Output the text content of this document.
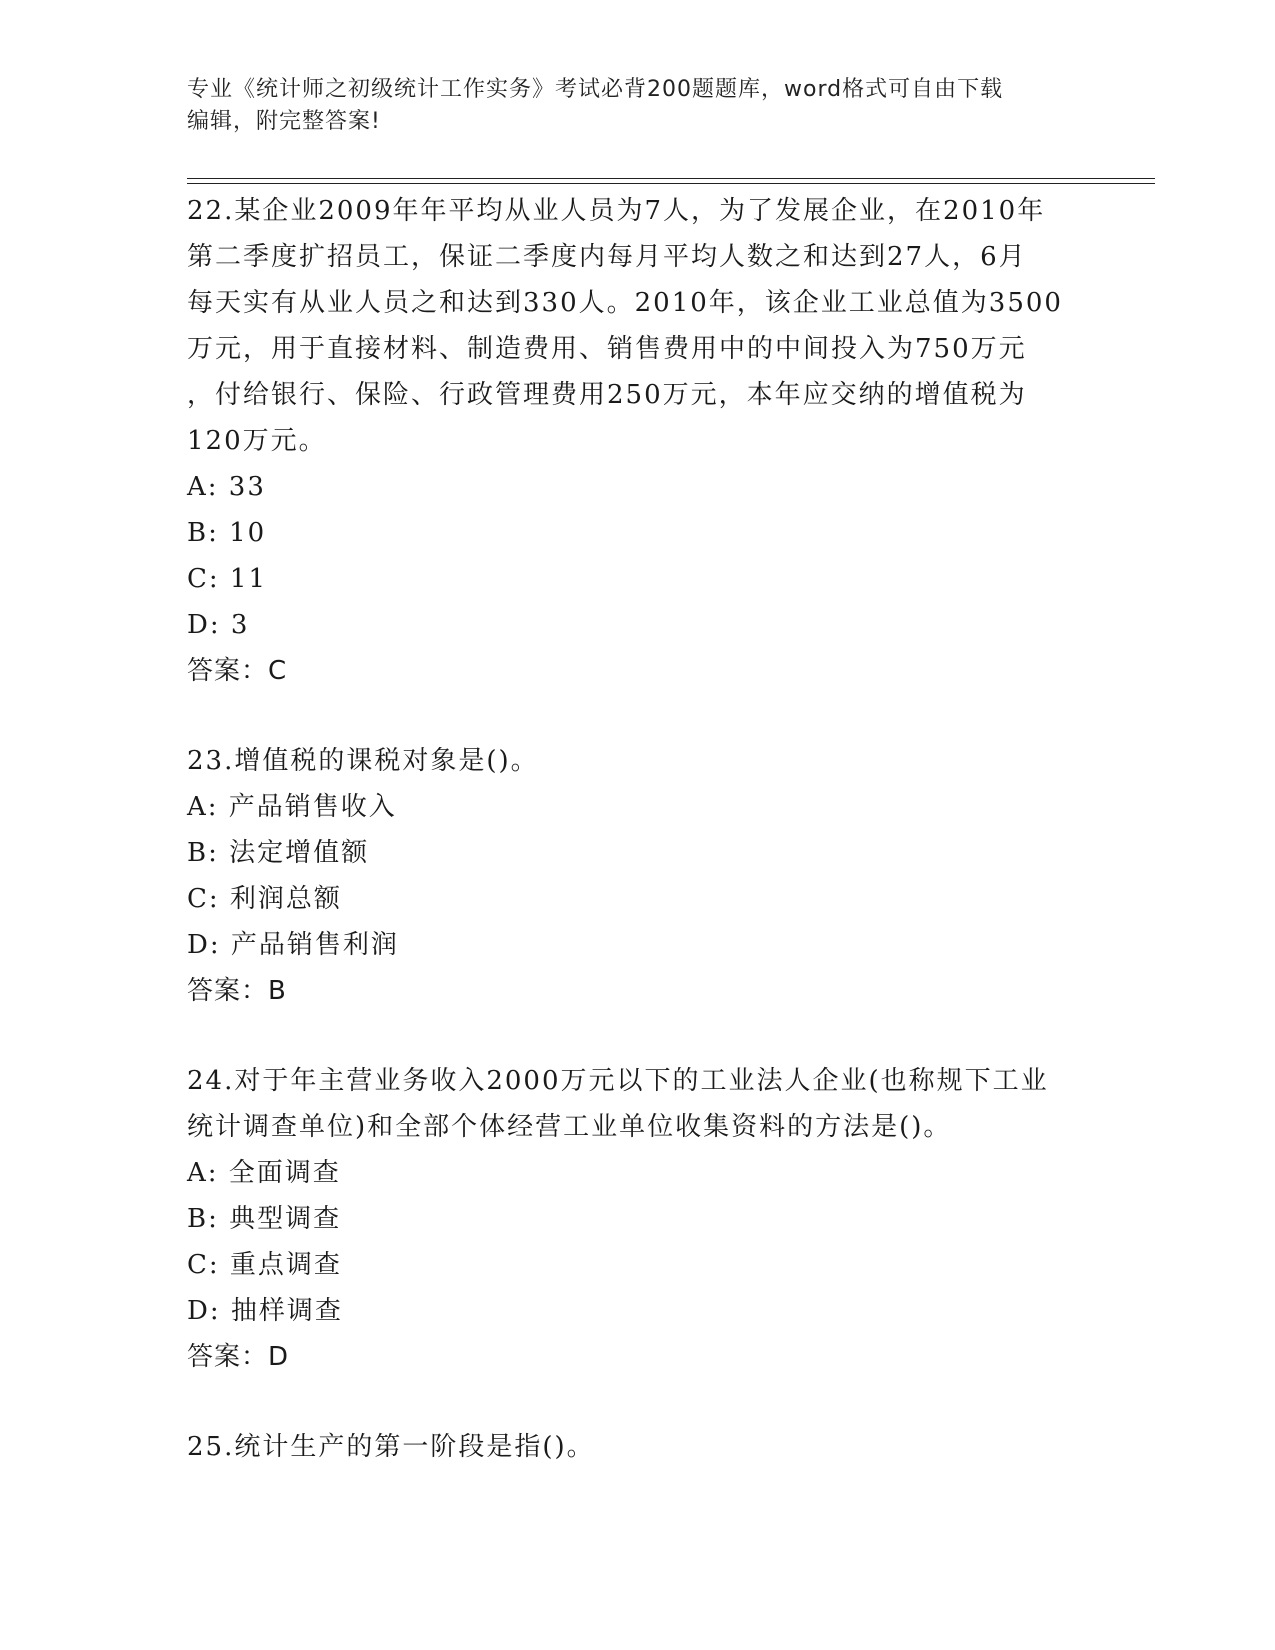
专业《统计师之初级统计工作实务》考试必背200题题库，word格式可自由下载
编辑，附完整答案!

22.某企业2009年年平均从业人员为7人，为了发展企业，在2010年

第二季度扩招员工，保证二季度内每月平均人数之和达到27人，6月

每天实有从业人员之和达到330人。2010年，该企业工业总值为3500

万元，用于直接材料、制造费用、销售费用中的中间投入为750万元

，付给银行、保险、行政管理费用250万元，本年应交纳的增值税为

120万元。

A: 33

B: 10

C: 11

D: 3

答案：C

23.增值税的课税对象是()。

A: 产品销售收入

B: 法定增值额

C: 利润总额

D: 产品销售利润

答案：B

24.对于年主营业务收入2000万元以下的工业法人企业(也称规下工业

统计调查单位)和全部个体经营工业单位收集资料的方法是()。

A: 全面调查

B: 典型调查

C: 重点调查

D: 抽样调查

答案：D

25.统计生产的第一阶段是指()。
